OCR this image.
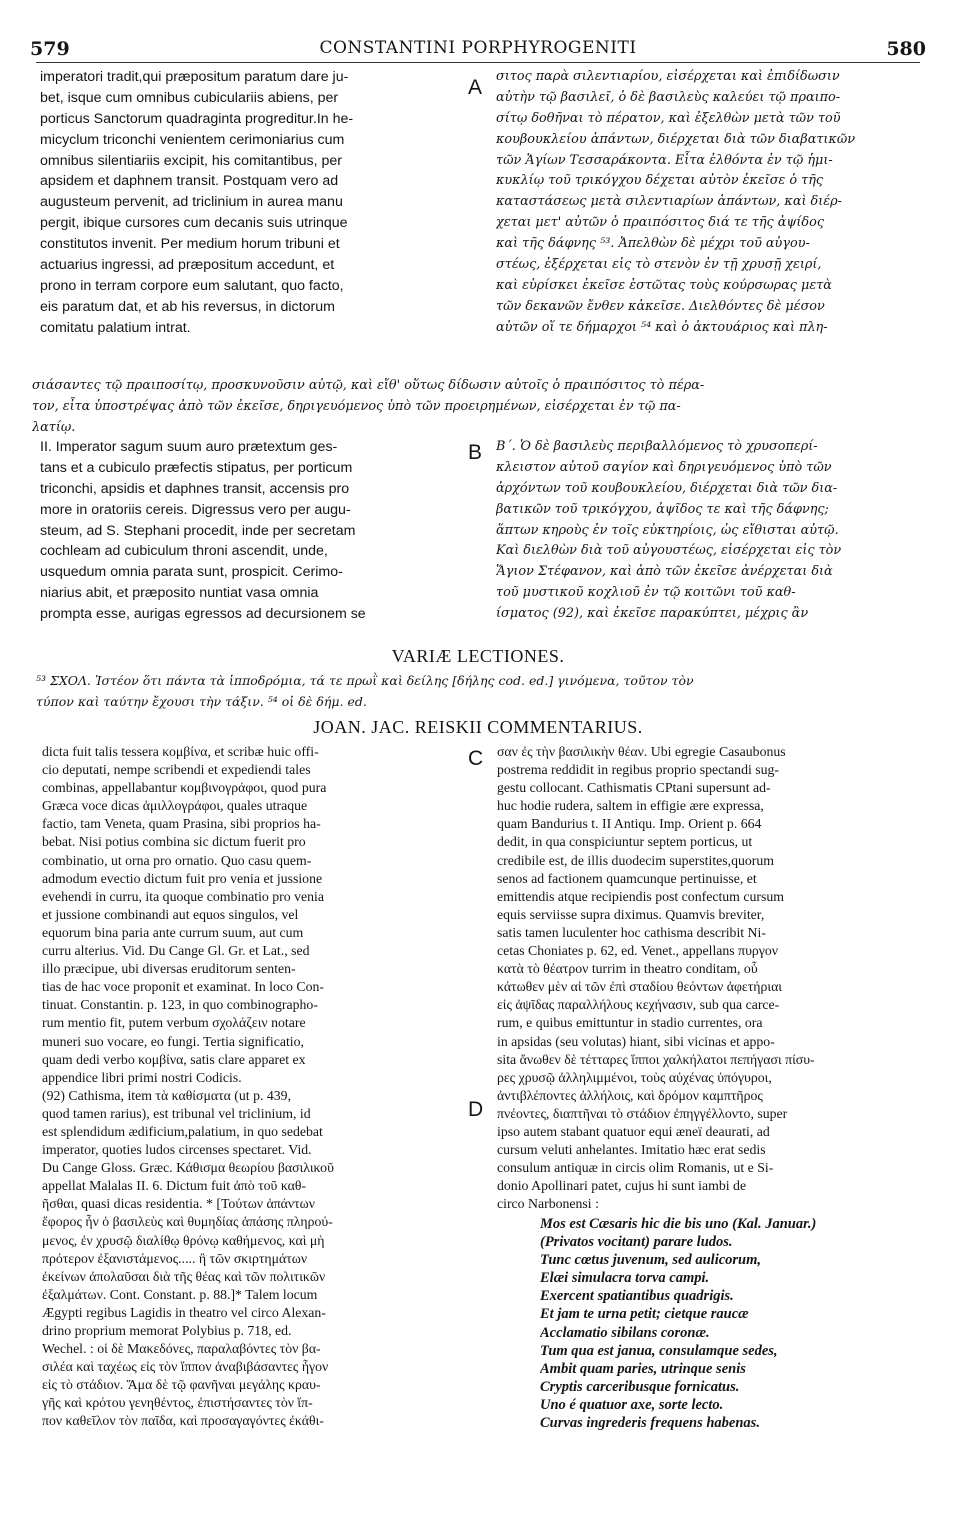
579	CONSTANTINI PORPHYROGENITI	580
imperatori tradit,qui præpositum paratum dare ju-
bet, isque cum omnibus cubiculariis abiens, per
porticus Sanctorum quadraginta progreditur.In he-
micyclum triconchi venientem cerimoniarius cum
omnibus silentiariis excipit, his comitantibus, per
apsidem et daphnem transit. Postquam vero ad
augusteum pervenit, ad triclinium in aurea manu
pergit, ibique cursores cum decanis suis utrinque
constitutos invenit. Per medium horum tribuni et
actuarius ingressi, ad præpositum accedunt, et
prono in terram corpore eum salutant, quo facto,
eis paratum dat, et ab his reversus, in dictorum
comitatu palatium intrat.
A σιτος παρὰ σιλεντιαρίου, εἰσέρχεται καὶ ἐπιδίδωσιν
αὐτὴν τῷ βασιλεῖ, ὁ δὲ βασιλεὺς καλεύει τῷ πραιπο-
σίτῳ δοθῆναι τὸ πέρατον, καὶ ἐξελθὼν μετὰ τῶν τοῦ
κουβουκλείου ἁπάντων, διέρχεται διὰ τῶν διαβατικῶν
τῶν Ἁγίων Τεσσαράκοντα. Εἶτα ἐλθόντα ἐν τῷ ἡμι-
κυκλίῳ τοῦ τρικόγχου δέχεται αὐτὸν ἐκεῖσε ὁ τῆς
καταστάσεως μετὰ σιλεντιαρίων ἁπάντων, καὶ διέρ-
χεται μετ' αὐτῶν ὁ πραιπόσιτος διά τε τῆς ἀψίδος
καὶ τῆς δάφνης ⁵³. Ἀπελθὼν δὲ μέχρι τοῦ αὐγου-
στέως, ἐξέρχεται εἰς τὸ στενὸν ἐν τῇ χρυσῇ χειρί,
καὶ εὑρίσκει ἐκεῖσε ἑστῶτας τοὺς κούρσωρας μετὰ
τῶν δεκανῶν ἔνθεν κἀκεῖσε. Διελθόντες δὲ μέσον
αὐτῶν οἵ τε δήμαρχοι ⁵⁴ καὶ ὁ ἀκτουάριος καὶ πλη-
σιάσαντες τῷ πραιποσίτῳ, προσκυνοῦσιν αὐτῷ, καὶ εἴθ' οὕτως δίδωσιν αὐτοῖς ὁ πραιπόσιτος τὸ πέρα-
τον, εἶτα ὑποστρέψας ἀπὸ τῶν ἐκεῖσε, δηριγευόμενος ὑπὸ τῶν προειρημένων, εἰσέρχεται ἐν τῷ πα-
λατίῳ.
II. Imperator sagum suum auro prætextum ges-
tans et a cubiculo præfectis stipatus, per porticum
triconchi, apsidis et daphnes transit, accensis pro
more in oratoriis cereis. Digressus vero per augu-
steum, ad S. Stephani procedit, inde per secretam
cochleam ad cubiculum throni ascendit, unde,
usquedum omnia parata sunt, prospicit. Cerimo-
niarius abit, et præposito nuntiat vasa omnia
prompta esse, aurigas egressos ad decursionem se
B Β΄. Ὁ δὲ βασιλεὺς περιβαλλόμενος τὸ χρυσοπερί-
κλειστον αὐτοῦ σαγίον καὶ δηριγευόμενος ὑπὸ τῶν
ἀρχόντων τοῦ κουβουκλείου, διέρχεται διὰ τῶν δια-
βατικῶν τοῦ τρικόγχου, ἀψῖδος τε καὶ τῆς δάφνης;
ἅπτων κηροὺς ἐν τοῖς εὐκτηρίοις, ὡς εἴθισται αὐτῷ.
Καὶ διελθὼν διὰ τοῦ αὐγουστέως, εἰσέρχεται εἰς τὸν
Ἅγιον Στέφανον, καὶ ἀπὸ τῶν ἐκεῖσε ἀνέρχεται διὰ
τοῦ μυστικοῦ κοχλιοῦ ἐν τῷ κοιτῶνι τοῦ καθ-
ίσματος (92), καὶ ἐκεῖσε παρακύπτει, μέχρις ἂν
VARIÆ LECTIONES.
⁵³ ΣΧΟΛ. Ἰστέον ὅτι πάντα τὰ ἱπποδρόμια, τά τε πρωῒ καὶ δείλης [δήλης cod. ed.] γινόμενα, τοῦτον τὸν
τύπον καὶ ταύτην ἔχουσι τὴν τάξιν. ⁵⁴ οἱ δὲ δήμ. ed.
JOAN. JAC. REISKII COMMENTARIUS.
dicta fuit talis tessera κομβίνα, et scribæ huic offi-
cio deputati, nempe scribendi et expediendi tales
combinas, appellabantur κομβινογράφοι, quod pura
Græca voce dicas ἁμιλλογράφοι, quales utraque
factio, tam Veneta, quam Prasina, sibi proprios ha-
bebat. Nisi potius combina sic dictum fuerit pro
combinatio, ut orna pro ornatio. Quo casu quem-
admodum evectio dictum fuit pro venia et jussione
evehendi in curru, ita quoque combinatio pro venia
et jussione combinandi aut equos singulos, vel
equorum bina paria ante currum suum, aut cum
curru alterius. Vid. Du Cange Gl. Gr. et Lat., sed
illo præcipue, ubi diversas eruditorum senten-
tias de hac voce proponit et examinat. In loco Con-
tinuat. Constantin. p. 123, in quo combinographo-
rum mentio fit, putem verbum σχολάζειν notare
muneri suo vocare, eo fungi. Tertia significatio,
quam dedi verbo κομβίνα, satis clare apparet ex
appendice libri primi nostri Codicis.
(92) Cathisma, item τὰ καθίσματα (ut p. 439,
quod tamen rarius), est tribunal vel triclinium, id
est splendidum ædificium,palatium, in quo sedebat
imperator, quoties ludos circenses spectaret. Vid.
Du Cange Gloss. Græc. Κάθισμα θεωρίου βασιλικοῦ
appellat Malalas II. 6. Dictum fuit ἀπὸ τοῦ καθ-
ῆσθαι, quasi dicas residentia. * [Τούτων ἁπάντων
ἔφορος ἦν ὁ βασιλεὺς καὶ θυμηδίας ἁπάσης πληρού-
μενος, ἐν χρυσῷ διαλίθῳ θρόνῳ καθήμενος, καὶ μὴ
πρότερον ἐξανιστάμενος..... ἢ τῶν σκιρτημάτων
ἐκείνων ἀπολαῦσαι διὰ τῆς θέας καὶ τῶν πολιτικῶν
ἐξαλμάτων. Cont. Constant. p. 88.]* Talem locum
Ægypti regibus Lagidis in theatro vel circo Alexan-
drino proprium memorat Polybius p. 718, ed.
Wechel. : οἱ δὲ Μακεδόνες, παραλαβόντες τὸν βα-
σιλέα καὶ ταχέως εἰς τὸν ἵππον ἀναβιβάσαντες ἦγον
εἰς τὸ στάδιον. Ἅμα δὲ τῷ φανῆναι μεγάλης κραυ-
γῆς καὶ κρότου γενηθέντος, ἐπιστήσαντες τὸν ἵπ-
πον καθεῖλον τὸν παῖδα, καὶ προσαγαγόντες ἐκάθι-
C
D
σαν ἐς τὴν βασιλικὴν θέαν. Ubi egregie Casaubonus
postrema reddidit in regibus proprio spectandi sug-
gestu collocant. Cathismatis CPtani supersunt ad-
huc hodie rudera, saltem in effigie ære expressa,
quam Bandurius t. II Antiqu. Imp. Orient p. 664
dedit, in qua conspiciuntur septem porticus, ut
credibile est, de illis duodecim superstites,quorum
senos ad factionem quamcunque pertinuisse, et
emittendis atque recipiendis post confectum cursum
equis serviisse supra diximus. Quamvis breviter,
satis tamen luculenter hoc cathisma describit Ni-
cetas Choniates p. 62, ed. Venet., appellans πυργον
κατὰ τὸ θέατρον turrim in theatro conditam, οὗ
κάτωθεν μὲν αἱ τῶν ἐπὶ σταδίου θεόντων ἀφετήριαι
εἰς ἀψῖδας παραλλήλους κεχήνασιν, sub qua carce-
rum, e quibus emittuntur in stadio currentes, ora
in apsidas (seu volutas) hiant, sibi vicinas et appo-
sita ἄνωθεν δὲ τέτταρες ἵπποι χαλκήλατοι πεπήγασι πίσυ-
ρες χρυσῷ ἀλληλιμμένοι, τοὺς αὐχένας ὑπόγυροι,
ἀντιβλέποντες ἀλλήλοις, καὶ δρόμον καμπτῆρος
πνέοντες, διαπτῆναι τὸ στάδιον ἐπηγγέλλοντο, super
ipso autem stabant quatuor equi æneï deaurati, ad
cursum veluti anhelantes. Imitatio hæc erat sedis
consulum antiquæ in circis olim Romanis, ut e Si-
donio Apollinari patet, cujus hi sunt iambi de
circo Narbonensi :
Mos est Cæsaris hic die bis uno (Kal. Januar.)
(Privatos vocitant) parare ludos.
Tunc cœtus juvenum, sed aulicorum,
Elæi simulacra torva campi.
Exercent spatiantibus quadrigis.
Et jam te urna petit; cietque raucæ
Acclamatio sibilans coronæ.
Tum qua est janua, consulamque sedes,
Ambit quam paries, utrinque senis
Cryptis carceribusque fornicatus.
Uno é quatuor axe, sorte lecto.
Curvas ingrederis frequens habenas.
